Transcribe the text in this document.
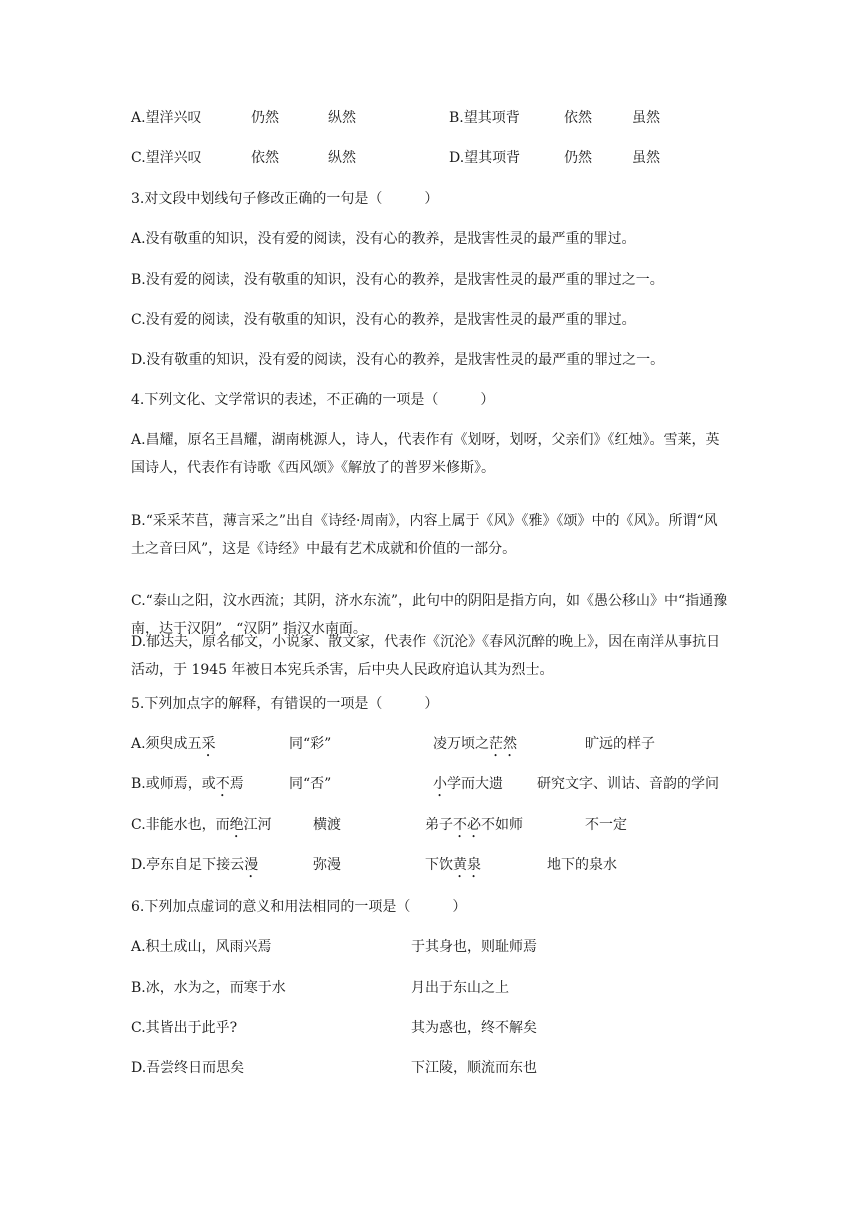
A.望洋兴叹	仍然	纵然	B.望其项背	依然	虽然
C.望洋兴叹	依然	纵然	D.望其项背	仍然	虽然
3.对文段中划线句子修改正确的一句是（　　　）
A.没有敬重的知识，没有爱的阅读，没有心的教养，是戕害性灵的最严重的罪过。
B.没有爱的阅读，没有敬重的知识，没有心的教养，是戕害性灵的最严重的罪过之一。
C.没有爱的阅读，没有敬重的知识，没有心的教养，是戕害性灵的最严重的罪过。
D.没有敬重的知识，没有爱的阅读，没有心的教养，是戕害性灵的最严重的罪过之一。
4.下列文化、文学常识的表述，不正确的一项是（　　　）
A.昌耀，原名王昌耀，湖南桃源人，诗人，代表作有《划呀，划呀，父亲们》《红烛》。雪莱，英国诗人，代表作有诗歌《西风颂》《解放了的普罗米修斯》。
B.“采采芣苢，薄言采之”出自《诗经·周南》，内容上属于《风》《雅》《颂》中的《风》。所谓“风土之音曰风”，这是《诗经》中最有艺术成就和价值的一部分。
C.“泰山之阳，汶水西流；其阴，济水东流”，此句中的阴阳是指方向，如《愚公移山》中“指通豫南，达于汉阴”，“汉阴” 指汉水南面。
D.郁达夫，原名郁文，小说家、散文家，代表作《沉沦》《春风沉醉的晚上》，因在南洋从事抗日活动，于 1945 年被日本宪兵杀害，后中央人民政府追认其为烈士。
5.下列加点字的解释，有错误的一项是（　　　）
A.须臾成五采	同“彩”	凌万顷之茫然	旷远的样子
B.或师焉，或不焉	同“否”	小学而大遗 研究文字、训诂、音韵的学问
C.非能水也，而绝江河	横渡	弟子不必不如师	不一定
D.亭东自足下接云漫	弥漫	下饮黄泉	地下的泉水
6.下列加点虚词的意义和用法相同的一项是（　　　）
A.积土成山，风雨兴焉	于其身也，则耻师焉
B.冰，水为之，而寒于水	月出于东山之上
C.其皆出于此乎?	其为惑也，终不解矣
D.吾尝终日而思矣	下江陵，顺流而东也
